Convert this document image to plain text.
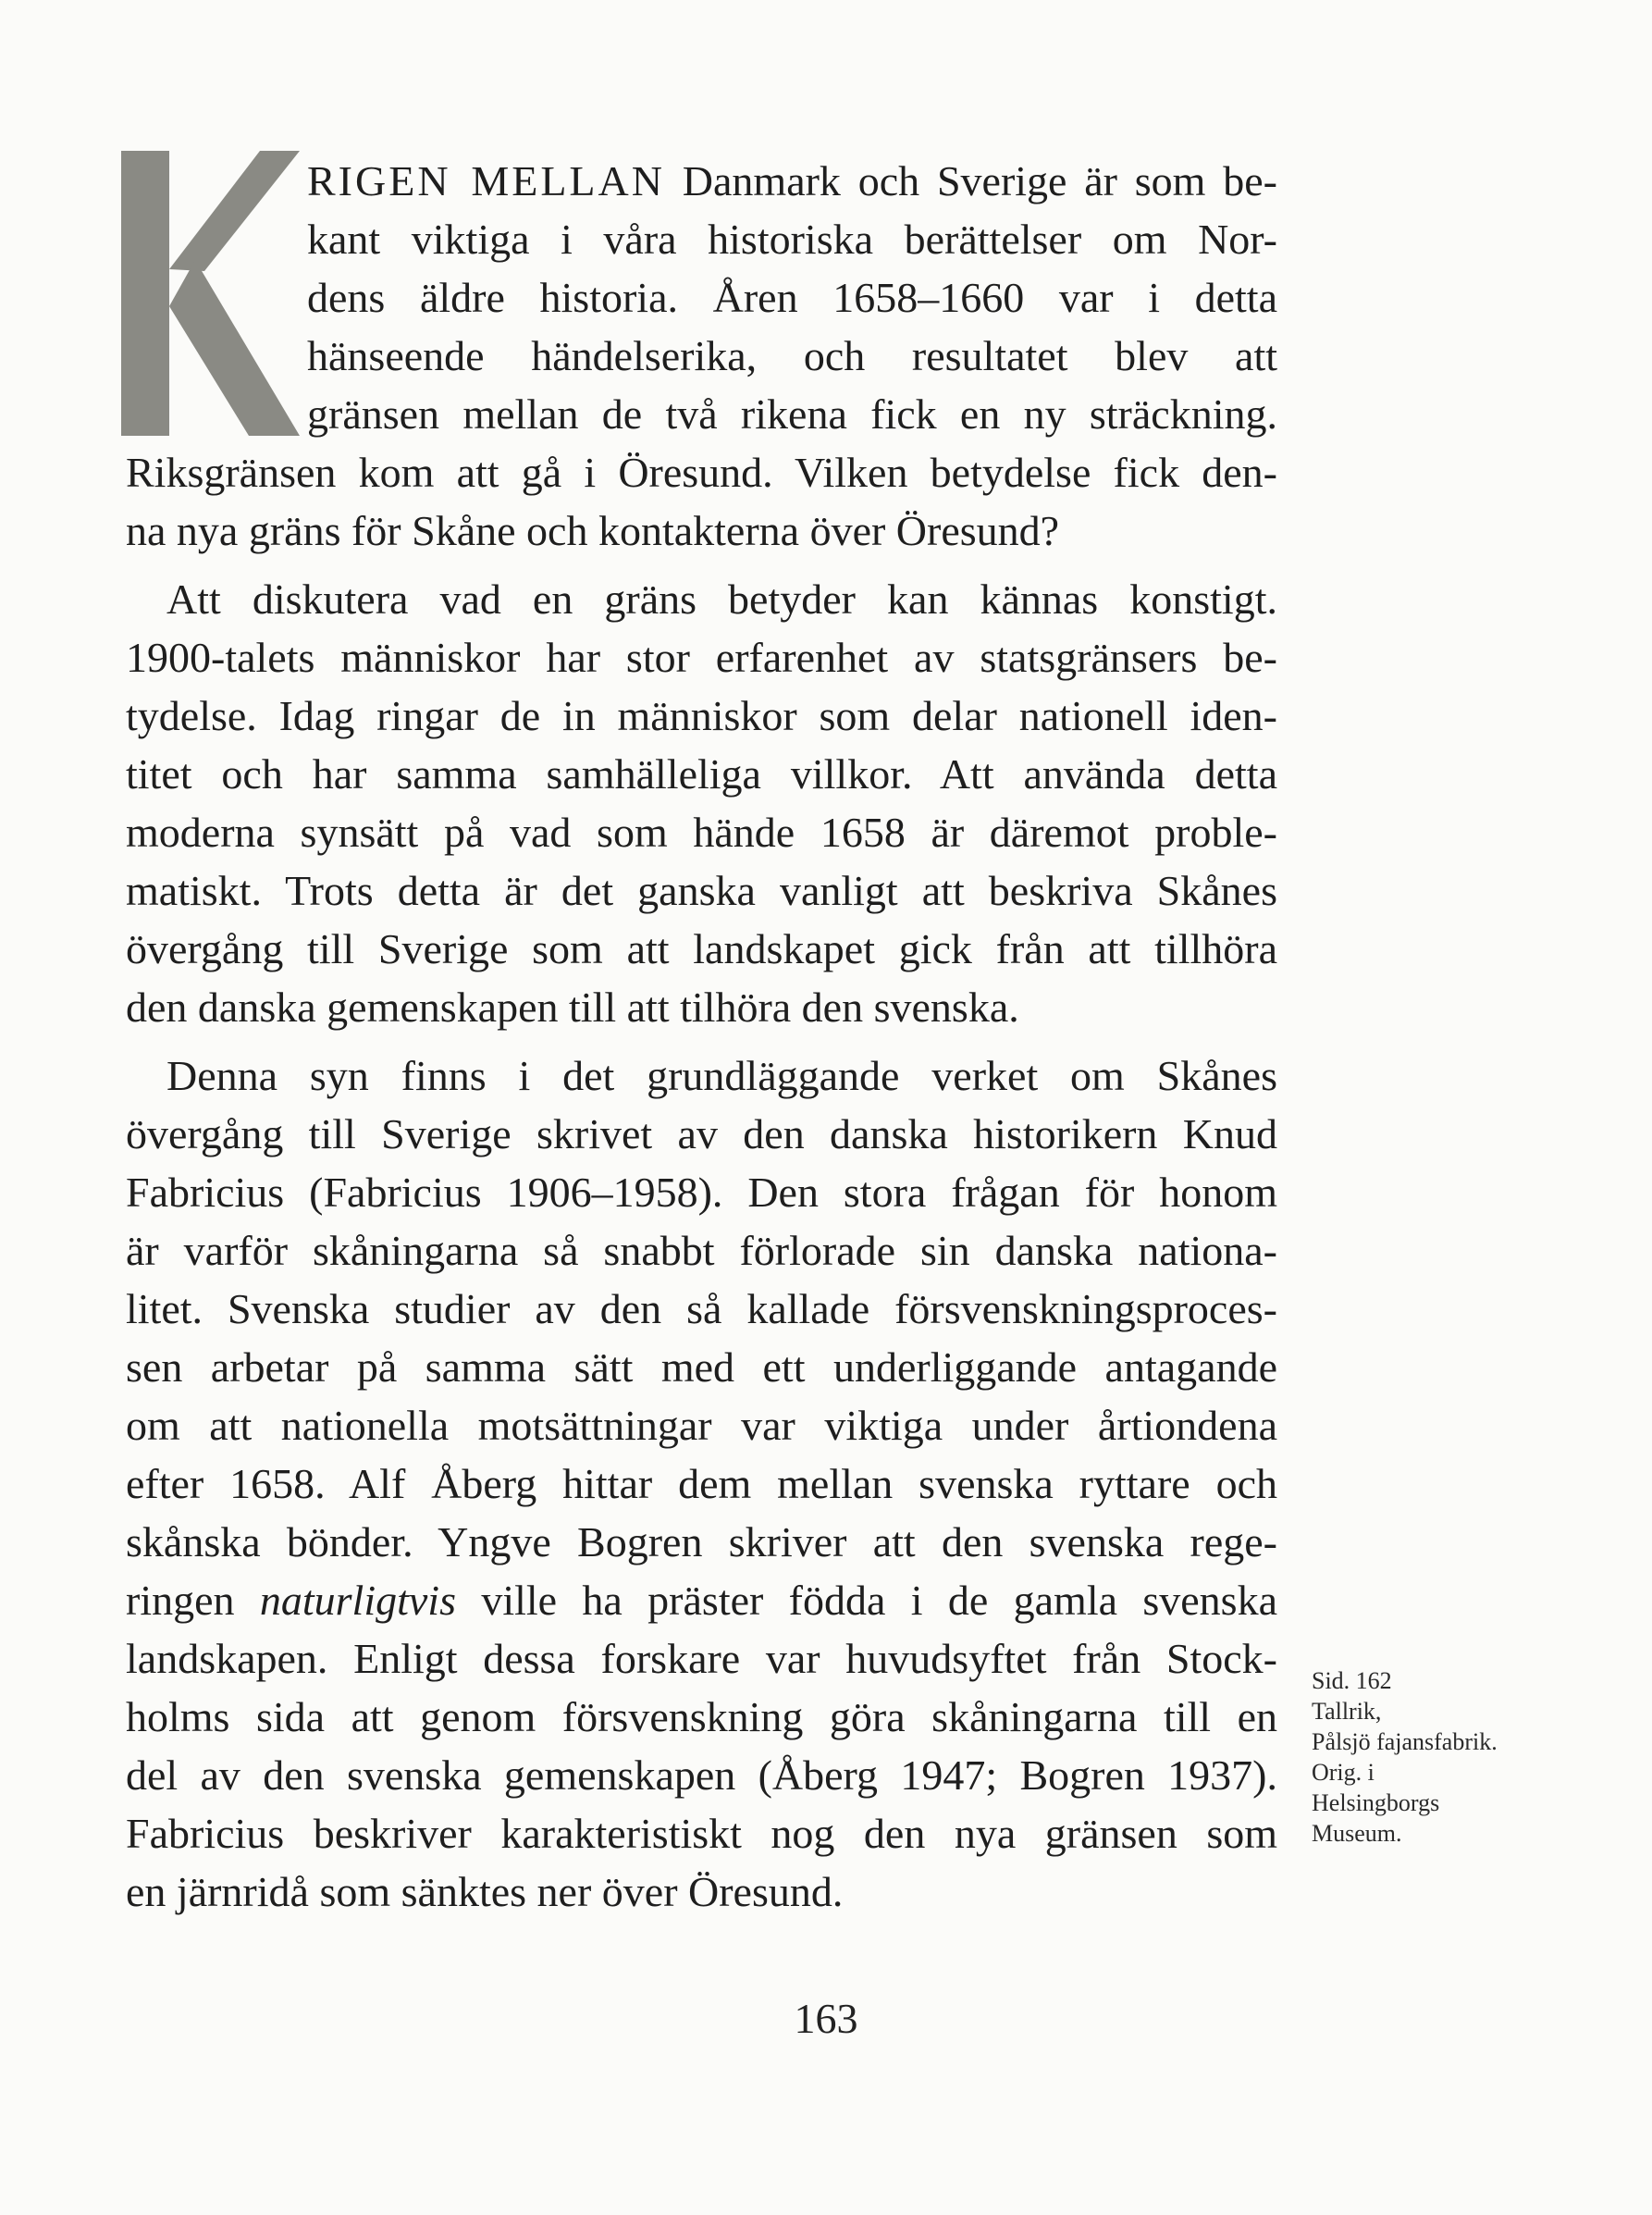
RIGEN MELLAN Danmark och Sverige är som be-
kant viktiga i våra historiska berättelser om Nor-
dens äldre historia. Åren 1658–1660 var i detta
hänseende händelserika, och resultatet blev att
gränsen mellan de två rikena fick en ny sträckning.
Riksgränsen kom att gå i Öresund. Vilken betydelse fick den-
na nya gräns för Skåne och kontakterna över Öresund?
Att diskutera vad en gräns betyder kan kännas konstigt.
1900-talets människor har stor erfarenhet av statsgränsers be-
tydelse. Idag ringar de in människor som delar nationell iden-
titet och har samma samhälleliga villkor. Att använda detta
moderna synsätt på vad som hände 1658 är däremot proble-
matiskt. Trots detta är det ganska vanligt att beskriva Skånes
övergång till Sverige som att landskapet gick från att tillhöra
den danska gemenskapen till att tilhöra den svenska.
Denna syn finns i det grundläggande verket om Skånes
övergång till Sverige skrivet av den danska historikern Knud
Fabricius (Fabricius 1906–1958). Den stora frågan för honom
är varför skåningarna så snabbt förlorade sin danska nationa-
litet. Svenska studier av den så kallade försvenskningsproces-
sen arbetar på samma sätt med ett underliggande antagande
om att nationella motsättningar var viktiga under årtiondena
efter 1658. Alf Åberg hittar dem mellan svenska ryttare och
skånska bönder. Yngve Bogren skriver att den svenska rege-
ringen naturligtvis ville ha präster födda i de gamla svenska
landskapen. Enligt dessa forskare var huvudsyftet från Stock-
holms sida att genom försvenskning göra skåningarna till en
del av den svenska gemenskapen (Åberg 1947; Bogren 1937).
Fabricius beskriver karakteristiskt nog den nya gränsen som
en järnridå som sänktes ner över Öresund.
Sid. 162
Tallrik,
Pålsjö fajansfabrik.
Orig. i
Helsingborgs
Museum.
163
